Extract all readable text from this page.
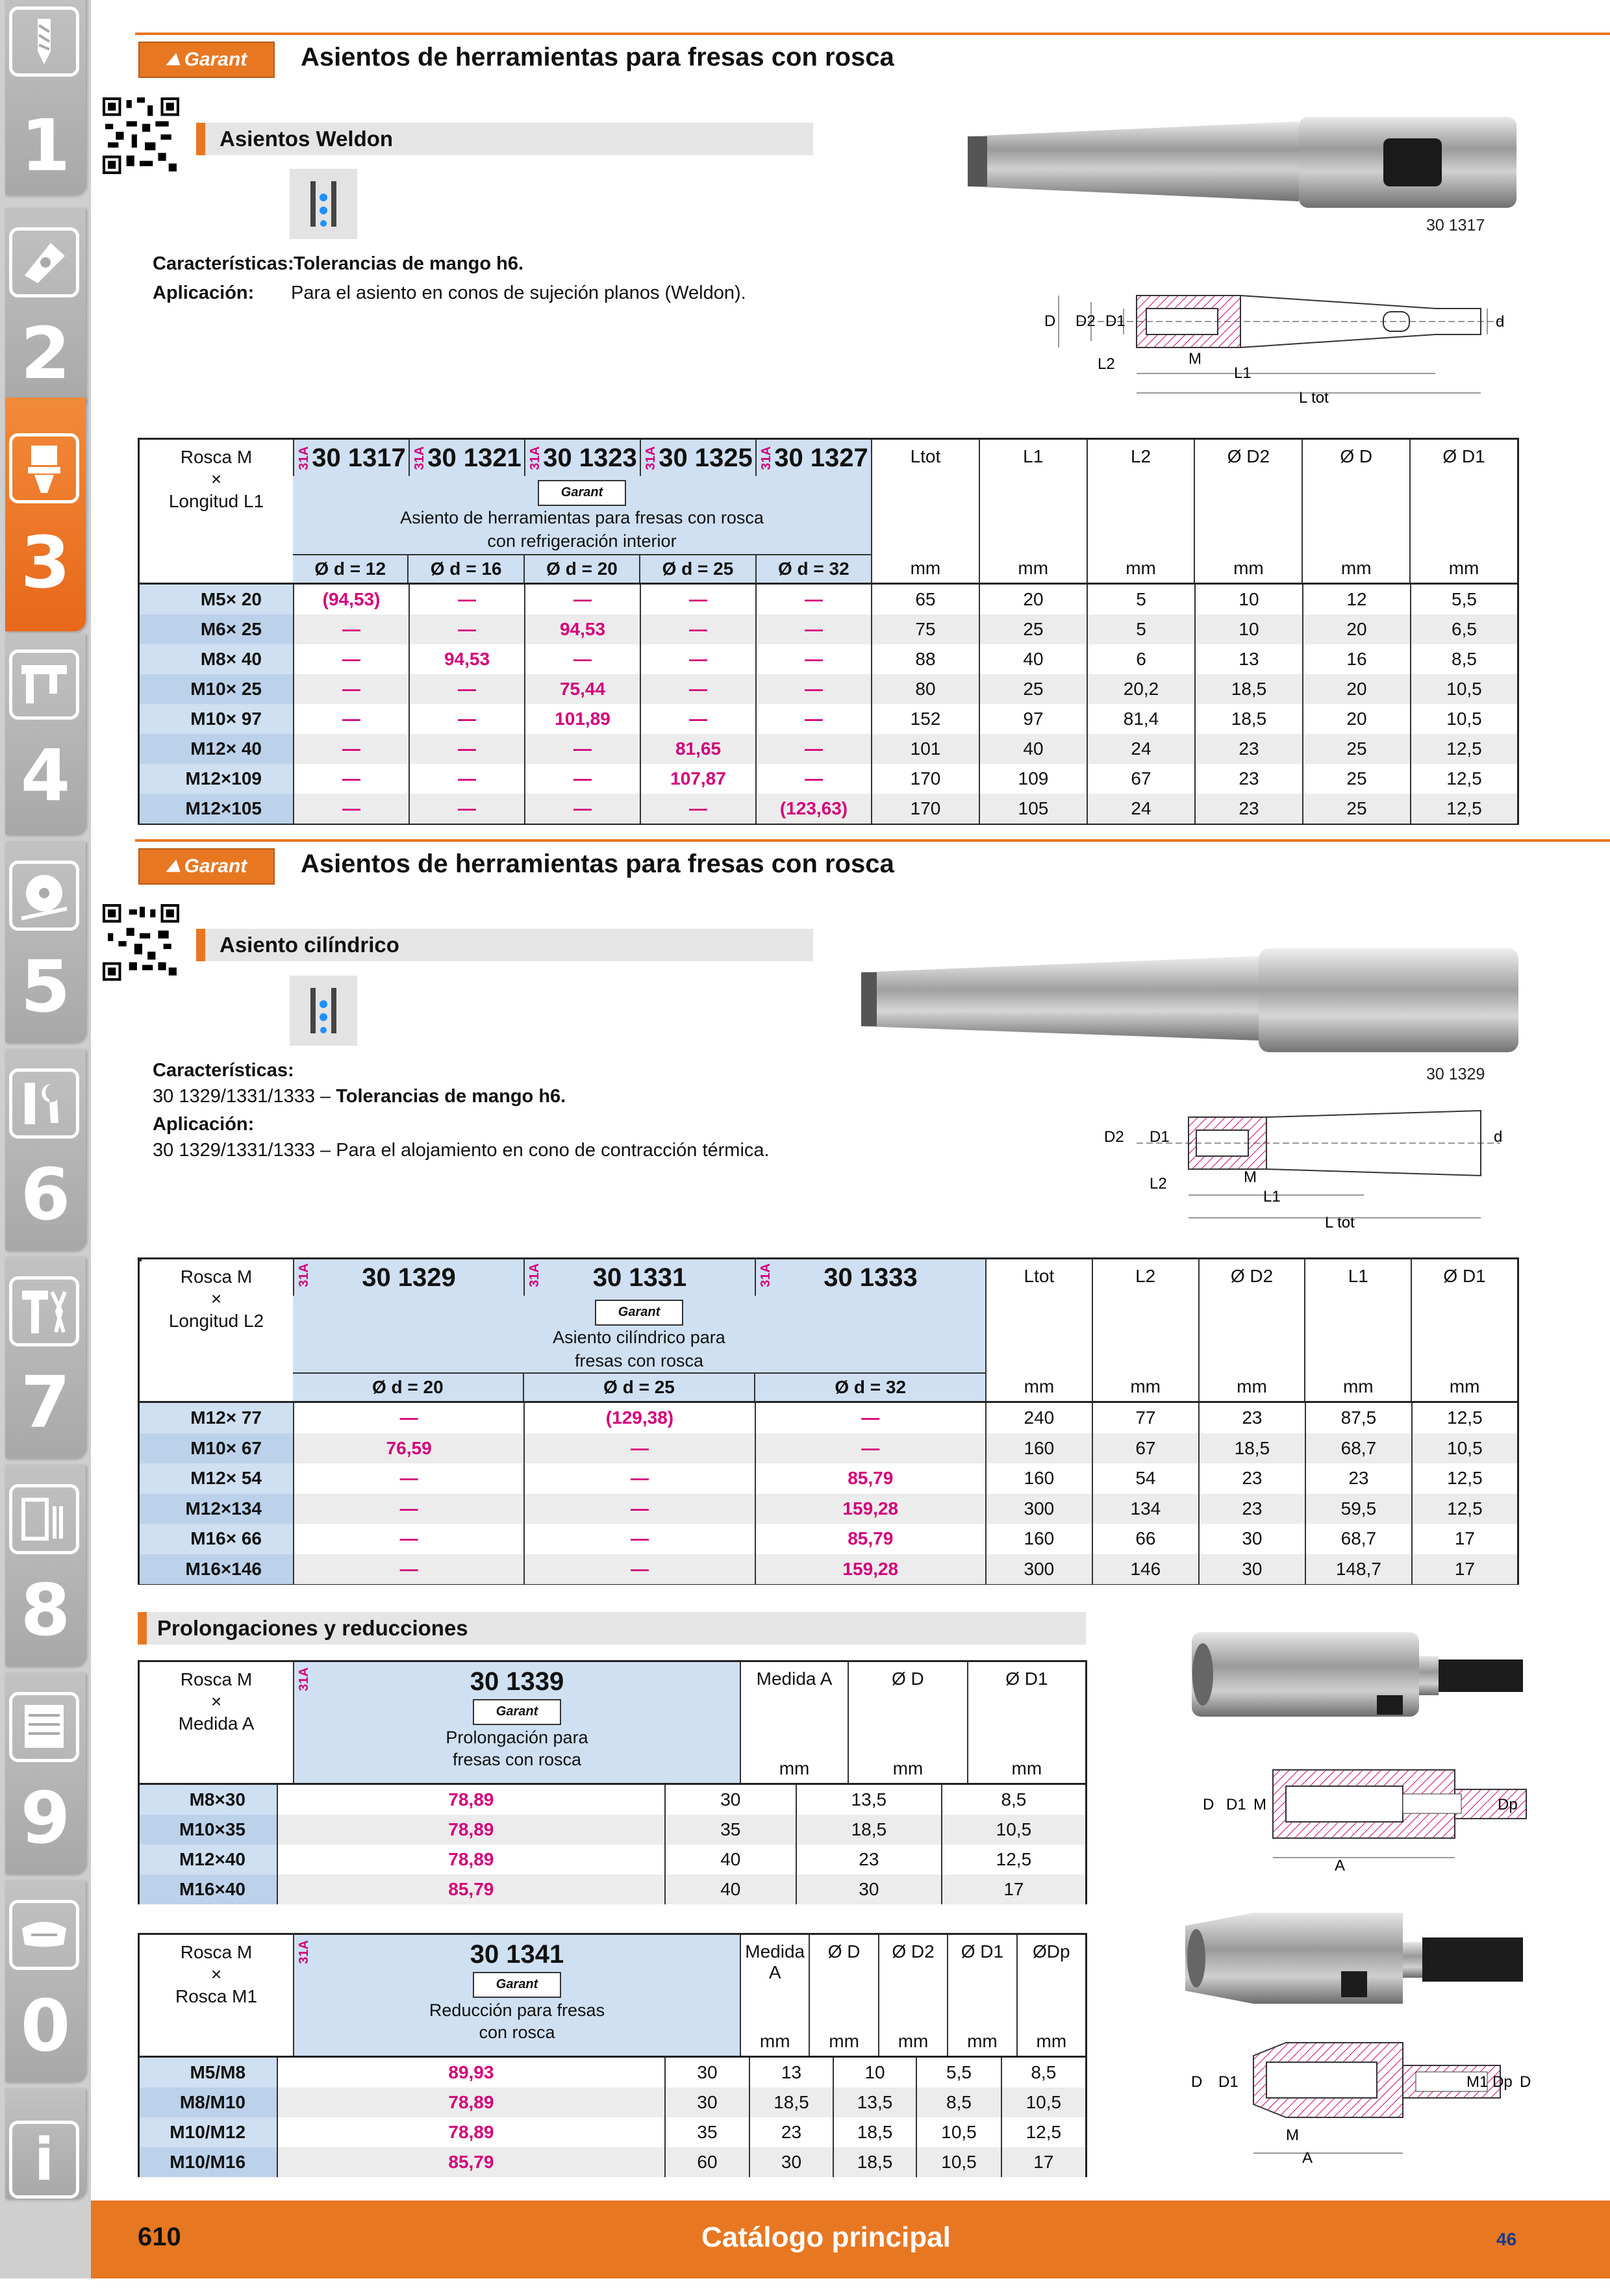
1
2
3
4
5
6
7
8
9
0
i
⛰ Garant Asientos de herramientas para fresas con rosca
Asientos Weldon
Características: Tolerancias de mango h6.
Aplicación: Para el asiento en conos de sujeción planos (Weldon).
30 1317
D D2 D1	d
M
L2
L1
L tot
Rosca M
×
Longitud L1
31A 30 1317 31A 30 1321 31A 30 1323 31A 30 1325 31A 30 1327
Garant
Asiento de herramientas para fresas con rosca con refrigeración interior
Ø d = 12	Ø d = 16	Ø d = 20	Ø d = 25	Ø d = 32
Ltot
mm
L1
mm
L2
mm
Ø D2
mm
Ø D
mm
Ø D1
mm
M5× 20	(94,53)	—	—	—	—	65	20	5	10	12	5,5
M6× 25	—	—	94,53	—	—	75	25	5	10	20	6,5
M8× 40	—	94,53	—	—	—	88	40	6	13	16	8,5
M10× 25	—	—	75,44	—	—	80	25	20,2	18,5	20	10,5
M10× 97	—	—	101,89	—	—	152	97	81,4	18,5	20	10,5
M12× 40	—	—	—	81,65	—	101	40	24	23	25	12,5
M12×109	—	—	—	107,87	—	170	109	67	23	25	12,5
M12×105	—	—	—	—	(123,63)	170	105	24	23	25	12,5
⛰ Garant Asientos de herramientas para fresas con rosca
Asiento cilíndrico
Características:
30 1329/1331/1333 – Tolerancias de mango h6.
Aplicación:
30 1329/1331/1333 – Para el alojamiento en cono de contracción térmica.
30 1329
D2 D1	d
M
L2
L1
L tot
Rosca M
×
Longitud L2
31A 30 1329	31A 30 1331	31A 30 1333
Garant
Asiento cilíndrico para fresas con rosca
Ø d = 20	Ø d = 25	Ø d = 32
Ltot
mm
L2
mm
Ø D2
mm
L1
mm
Ø D1
mm
M12× 77	—	(129,38)	—	240	77	23	87,5	12,5
M10× 67	76,59	—	—	160	67	18,5	68,7	10,5
M12× 54	—	—	85,79	160	54	23	23	12,5
M12×134	—	—	159,28	300	134	23	59,5	12,5
M16× 66	—	—	85,79	160	66	30	68,7	17
M16×146	—	—	159,28	300	146	30	148,7	17
Prolongaciones y reducciones
Rosca M
×
Medida A
31A	30 1339
Garant
Prolongación para fresas con rosca
Medida A
mm
Ø D
mm
Ø D1
mm
M8×30	78,89	30	13,5	8,5
M10×35	78,89	35	18,5	10,5
M12×40	78,89	40	23	12,5
M16×40	85,79	40	30	17
Rosca M
×
Rosca M1
31A	30 1341
Garant
Reducción para fresas con rosca
Medida A
mm
Ø D
mm
Ø D2
mm
Ø D1
mm
ØDp
mm
M5/M8	89,93	30	13	10	5,5	8,5
M8/M10	78,89	30	18,5	13,5	8,5	10,5
M10/M12	78,89	35	23	18,5	10,5	12,5
M10/M16	85,79	60	30	18,5	10,5	17
D D1 M	Dp
A
D D1	M1 Dp D
M
A
610	Catálogo principal	46
